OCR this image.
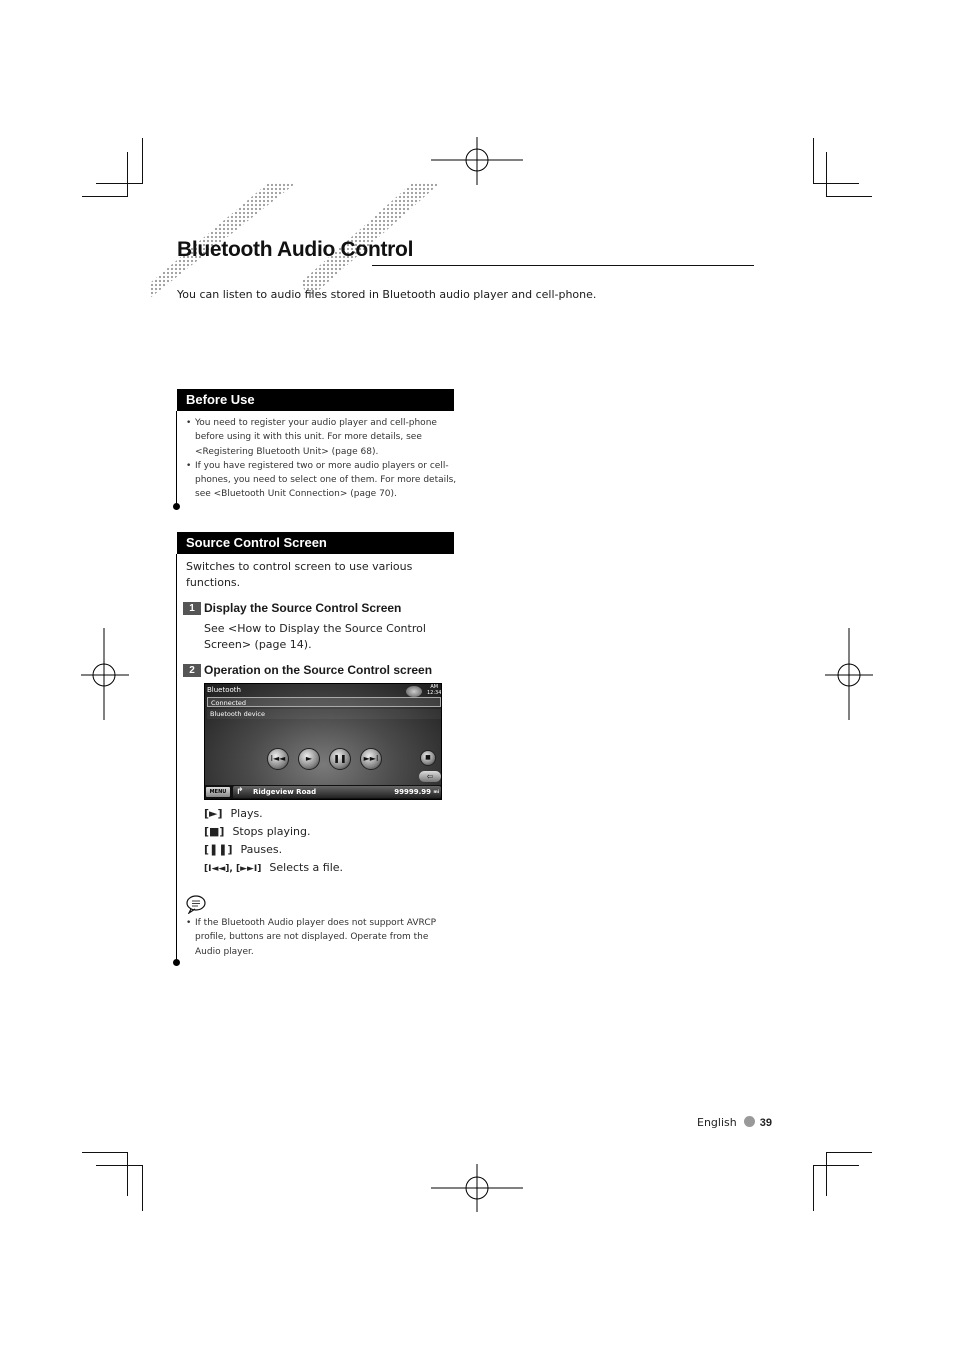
Bluetooth Audio Control
You can listen to audio files stored in Bluetooth audio player and cell-phone.
Before Use
• You need to register your audio player and cell-phone
before using it with this unit. For more details, see
<Registering Bluetooth Unit> (page 68).
• If you have registered two or more audio players or cell-
phones, you need to select one of them. For more details,
see <Bluetooth Unit Connection> (page 70).
Source Control Screen
Switches to control screen to use various
functions.
1 Display the Source Control Screen
See <How to Display the Source Control
Screen> (page 14).
2 Operation on the Source Control screen
Bluetooth	AM
12:34
Connected
Bluetooth device
I◄◄	►	❚❚	►►I	■
⇦
MENU	↱ Ridgeview Road	99999.99 mi
[►] Plays.
[■] Stops playing.
[❚❚] Pauses.
[I◄◄], [►►I] Selects a file.
• If the Bluetooth Audio player does not support AVRCP
profile, buttons are not displayed. Operate from the
Audio player.
English 39
